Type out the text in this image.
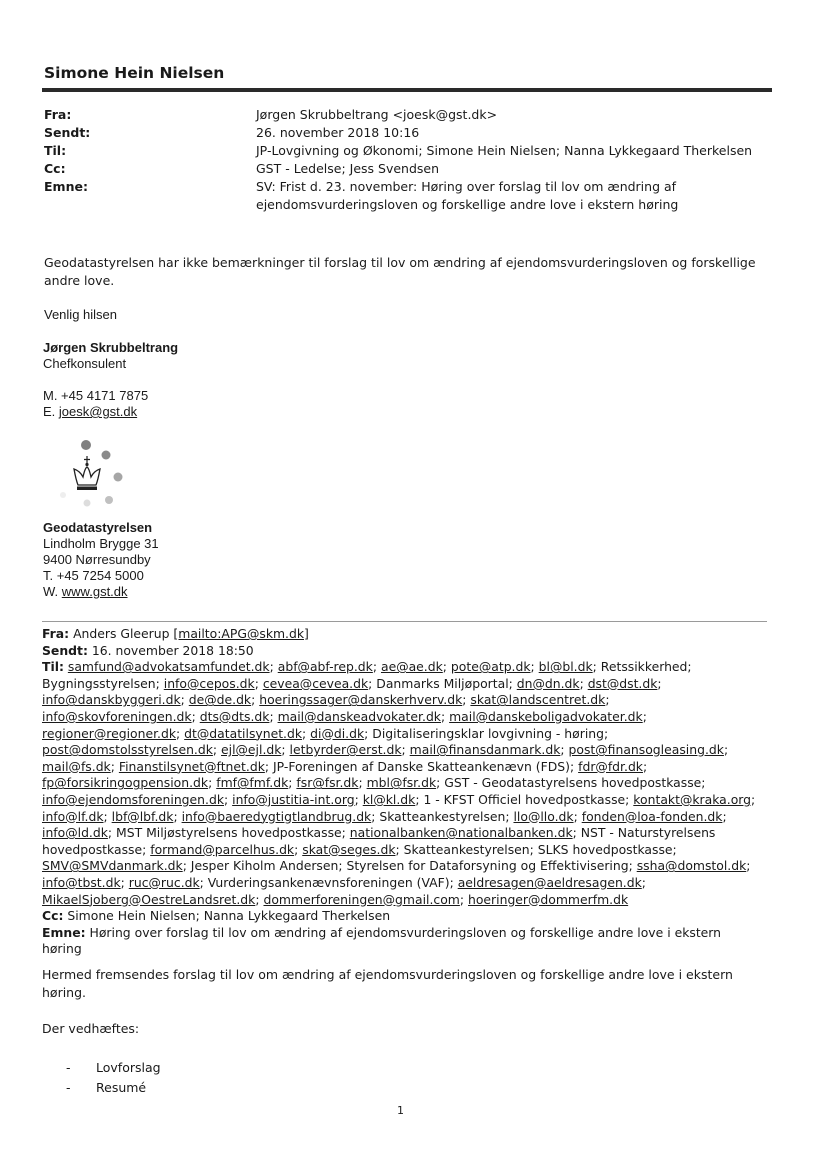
Simone Hein Nielsen
Fra:	Jørgen Skrubbeltrang <joesk@gst.dk>
Sendt:	26. november 2018 10:16
Til:	JP-Lovgivning og Økonomi; Simone Hein Nielsen; Nanna Lykkegaard Therkelsen
Cc:	GST - Ledelse; Jess Svendsen
Emne:	SV: Frist d. 23. november: Høring over forslag til lov om ændring af
ejendomsvurderingsloven og forskellige andre love i ekstern høring
Geodatastyrelsen har ikke bemærkninger til forslag til lov om ændring af ejendomsvurderingsloven og forskellige andre love.
Venlig hilsen
Jørgen Skrubbeltrang
Chefkonsulent
M. +45 4171 7875
E. joesk@gst.dk
Geodatastyrelsen
Lindholm Brygge 31
9400 Nørresundby
T. +45 7254 5000
W. www.gst.dk
Fra: Anders Gleerup [mailto:APG@skm.dk]
Sendt: 16. november 2018 18:50
Til: samfund@advokatsamfundet.dk; abf@abf-rep.dk; ae@ae.dk; pote@atp.dk; bl@bl.dk; Retssikkerhed; Bygningsstyrelsen; info@cepos.dk; cevea@cevea.dk; Danmarks Miljøportal; dn@dn.dk; dst@dst.dk; info@danskbyggeri.dk; de@de.dk; hoeringssager@danskerhverv.dk; skat@landscentret.dk; info@skovforeningen.dk; dts@dts.dk; mail@danskeadvokater.dk; mail@danskeboligadvokater.dk; regioner@regioner.dk; dt@datatilsynet.dk; di@di.dk; Digitaliseringsklar lovgivning - høring; post@domstolsstyrelsen.dk; ejl@ejl.dk; letbyrder@erst.dk; mail@finansdanmark.dk; post@finansogleasing.dk; mail@fs.dk; Finanstilsynet@ftnet.dk; JP-Foreningen af Danske Skatteankenævn (FDS); fdr@fdr.dk; fp@forsikringogpension.dk; fmf@fmf.dk; fsr@fsr.dk; mbl@fsr.dk; GST - Geodatastyrelsens hovedpostkasse; info@ejendomsforeningen.dk; info@justitia-int.org; kl@kl.dk; 1 - KFST Officiel hovedpostkasse; kontakt@kraka.org; info@lf.dk; lbf@lbf.dk; info@baeredygtigtlandbrug.dk; Skatteankestyrelsen; llo@llo.dk; fonden@loa-fonden.dk; info@ld.dk; MST Miljøstyrelsens hovedpostkasse; nationalbanken@nationalbanken.dk; NST - Naturstyrelsens hovedpostkasse; formand@parcelhus.dk; skat@seges.dk; Skatteankestyrelsen; SLKS hovedpostkasse; SMV@SMVdanmark.dk; Jesper Kiholm Andersen; Styrelsen for Dataforsyning og Effektivisering; ssha@domstol.dk; info@tbst.dk; ruc@ruc.dk; Vurderingsankenævnsforeningen (VAF); aeldresagen@aeldresagen.dk; MikaelSjoberg@OestreLandsret.dk; dommerforeningen@gmail.com; hoeringer@dommerfm.dk
Cc: Simone Hein Nielsen; Nanna Lykkegaard Therkelsen
Emne: Høring over forslag til lov om ændring af ejendomsvurderingsloven og forskellige andre love i ekstern høring
Hermed fremsendes forslag til lov om ændring af ejendomsvurderingsloven og forskellige andre love i ekstern høring.
Der vedhæftes:
- Lovforslag
- Resumé
1
